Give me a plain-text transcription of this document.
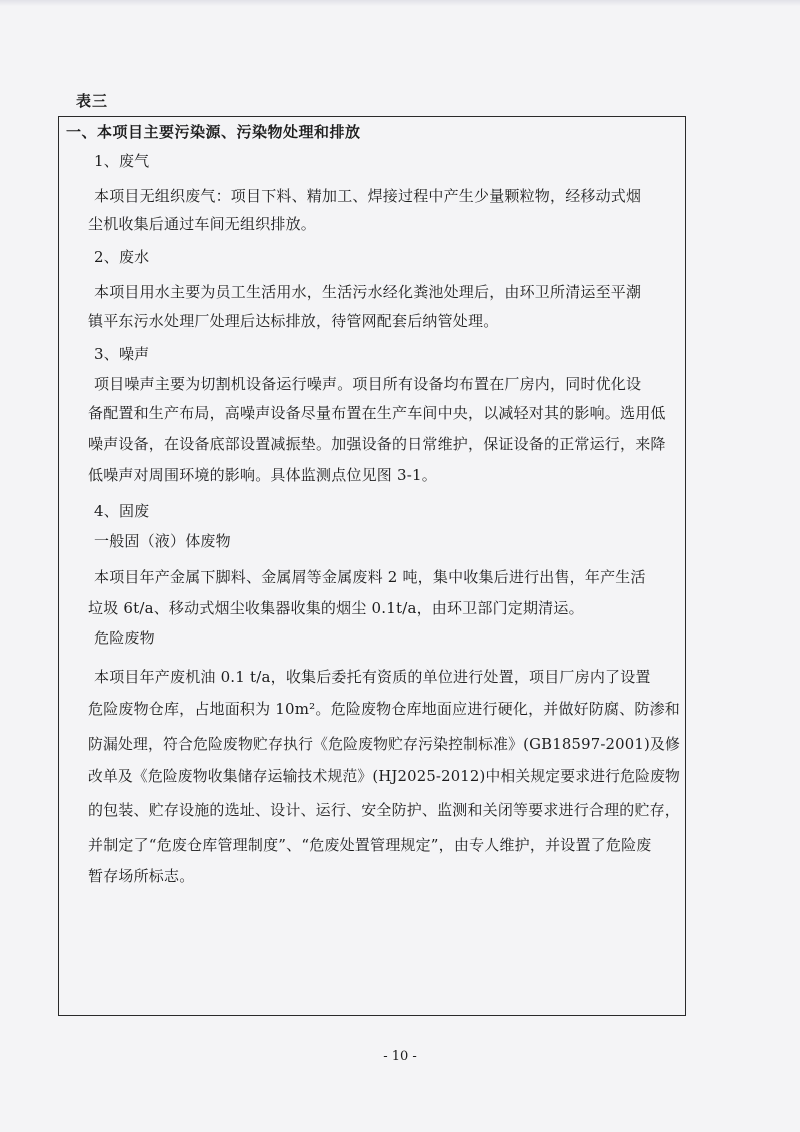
表三
一、本项目主要污染源、污染物处理和排放
1、废气
本项目无组织废气：项目下料、精加工、焊接过程中产生少量颗粒物，经移动式烟
尘机收集后通过车间无组织排放。
2、废水
本项目用水主要为员工生活用水，生活污水经化粪池处理后，由环卫所清运至平潮
镇平东污水处理厂处理后达标排放，待管网配套后纳管处理。
3、噪声
项目噪声主要为切割机设备运行噪声。项目所有设备均布置在厂房内，同时优化设
备配置和生产布局，高噪声设备尽量布置在生产车间中央，以减轻对其的影响。选用低
噪声设备，在设备底部设置减振垫。加强设备的日常维护，保证设备的正常运行，来降
低噪声对周围环境的影响。具体监测点位见图 3-1。
4、固废
一般固（液）体废物
本项目年产金属下脚料、金属屑等金属废料 2 吨，集中收集后进行出售，年产生活
垃圾 6t/a、移动式烟尘收集器收集的烟尘 0.1t/a，由环卫部门定期清运。
危险废物
本项目年产废机油 0.1 t/a，收集后委托有资质的单位进行处置，项目厂房内了设置
危险废物仓库，占地面积为 10m²。危险废物仓库地面应进行硬化，并做好防腐、防渗和
防漏处理，符合危险废物贮存执行《危险废物贮存污染控制标准》(GB18597-2001)及修
改单及《危险废物收集储存运输技术规范》(HJ2025-2012)中相关规定要求进行危险废物
的包装、贮存设施的选址、设计、运行、安全防护、监测和关闭等要求进行合理的贮存，
并制定了“危废仓库管理制度”、“危废处置管理规定”，由专人维护，并设置了危险废
暂存场所标志。
- 10 -
